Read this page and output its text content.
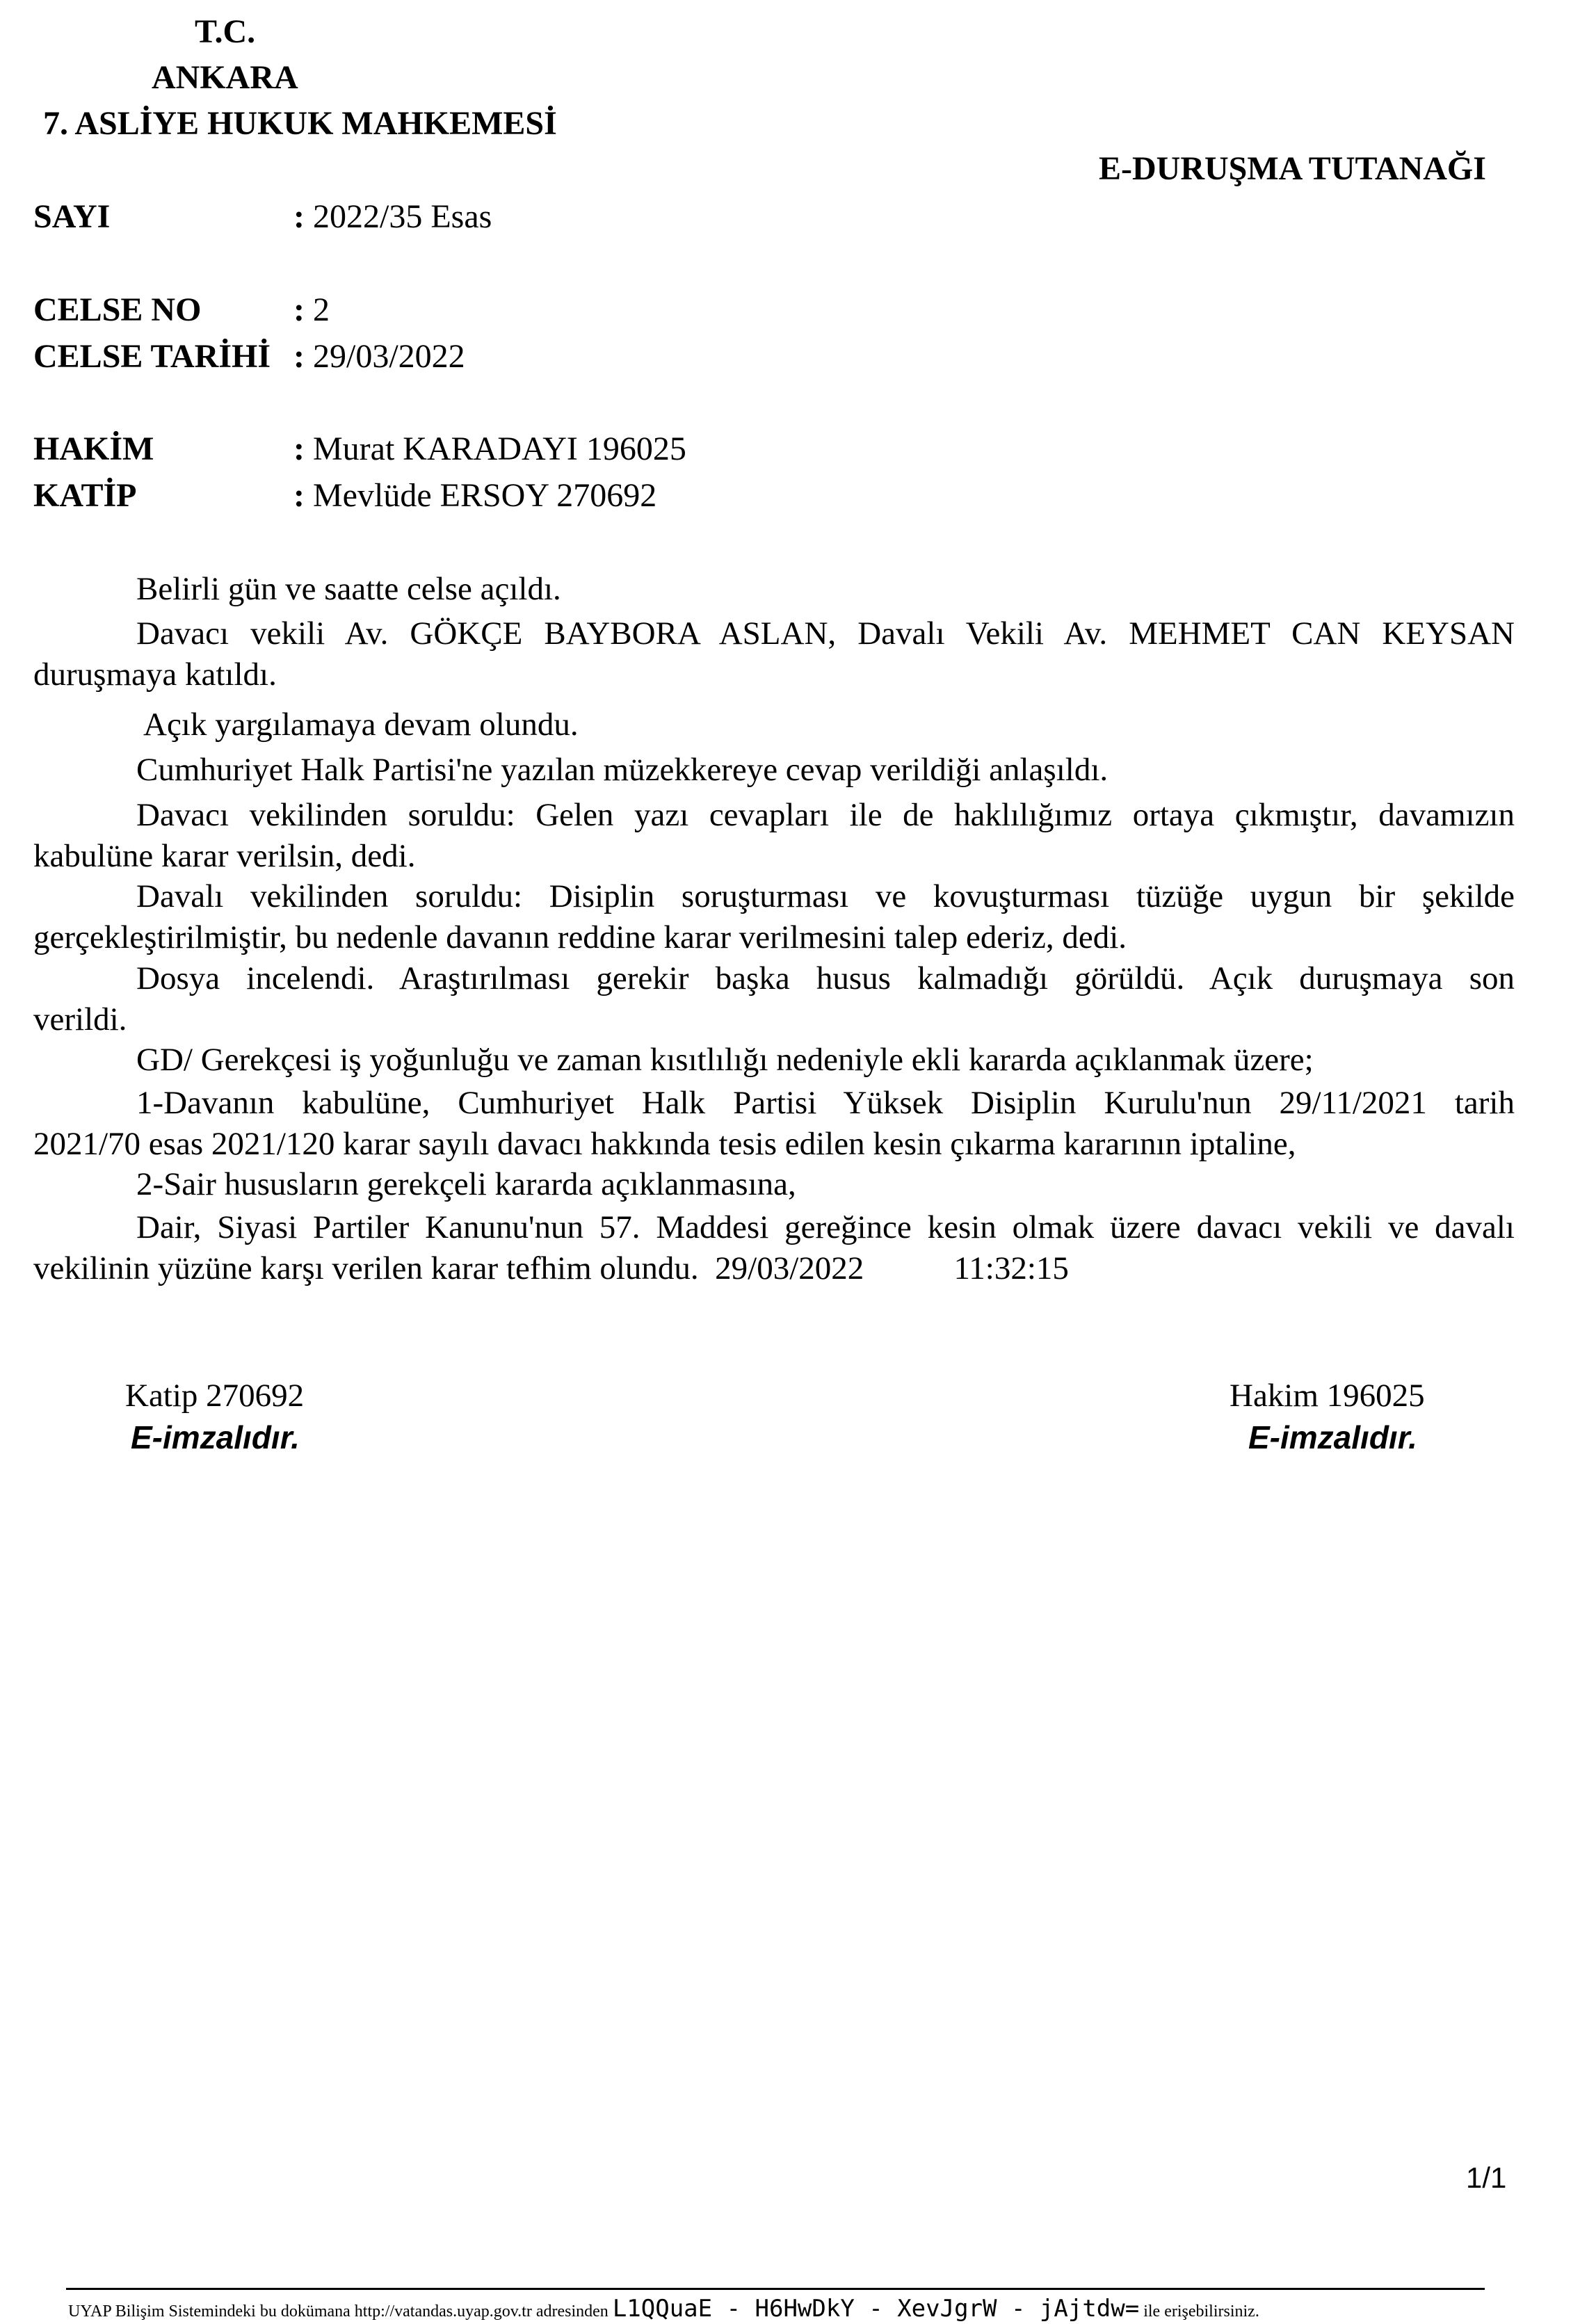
T.C.
ANKARA
7. ASLİYE HUKUK MAHKEMESİ
E-DURUŞMA TUTANAĞI
SAYI	: 2022/35 Esas
CELSE NO	: 2
CELSE TARİHİ : 29/03/2022
HAKİM	: Murat KARADAYI 196025
KATİP	: Mevlüde ERSOY 270692
Belirli gün ve saatte celse açıldı.
Davacı vekili Av. GÖKÇE BAYBORA ASLAN, Davalı Vekili Av. MEHMET CAN KEYSAN
duruşmaya katıldı.
Açık yargılamaya devam olundu.
Cumhuriyet Halk Partisi'ne yazılan müzekkereye cevap verildiği anlaşıldı.
Davacı vekilinden soruldu: Gelen yazı cevapları ile de haklılığımız ortaya çıkmıştır, davamızın
kabulüne karar verilsin, dedi.
Davalı vekilinden soruldu: Disiplin soruşturması ve kovuşturması tüzüğe uygun bir şekilde
gerçekleştirilmiştir, bu nedenle davanın reddine karar verilmesini talep ederiz, dedi.
Dosya incelendi. Araştırılması gerekir başka husus kalmadığı görüldü. Açık duruşmaya son
verildi.
GD/ Gerekçesi iş yoğunluğu ve zaman kısıtlılığı nedeniyle ekli kararda açıklanmak üzere;
1-Davanın kabulüne, Cumhuriyet Halk Partisi Yüksek Disiplin Kurulu'nun 29/11/2021 tarih
2021/70 esas 2021/120 karar sayılı davacı hakkında tesis edilen kesin çıkarma kararının iptaline,
2-Sair hususların gerekçeli kararda açıklanmasına,
Dair, Siyasi Partiler Kanunu'nun 57. Maddesi gereğince kesin olmak üzere davacı vekili ve davalı
vekilinin yüzüne karşı verilen karar tefhim olundu.  29/03/2022           11:32:15
Katip 270692
E-imzalıdır.
Hakim 196025
E-imzalıdır.
1/1
UYAP Bilişim Sistemindeki bu dokümana http://vatandas.uyap.gov.tr adresinden L1QQuaE - H6HwDkY - XevJgrW - jAjtdw= ile erişebilirsiniz.
